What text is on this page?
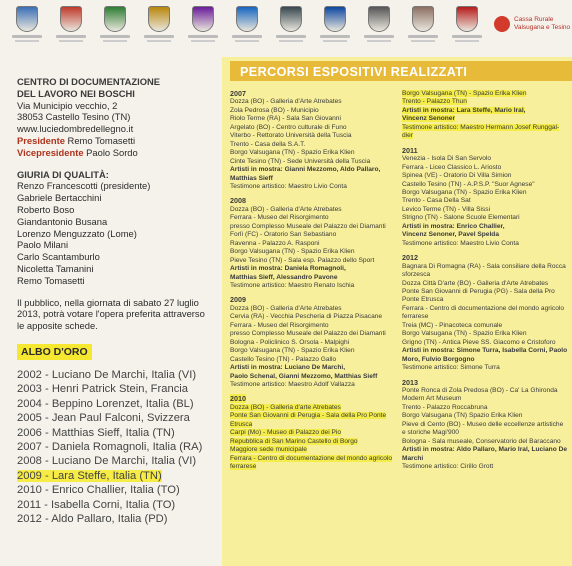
Cassa Rurale
Valsugana e Tesino

CENTRO DI DOCUMENTAZIONE

DEL LAVORO NEI BOSCHI

Via Municipio vecchio, 2

38053 Castello Tesino (TN)

www.luciedombredellegno.it

Presidente Remo Tomasetti

Vicepresidente Paolo Sordo

GIURIA DI QUALITÀ:

Renzo Francescotti (presidente)

Gabriele Bertacchini

Roberto Boso

Giandantonio Busana

Lorenzo Menguzzato (Lome)

Paolo Milani

Carlo Scantamburlo

Nicoletta Tamanini

Remo Tomasetti

Il pubblico, nella giornata di sabato 27 luglio

2013, potrà votare l'opera preferita attraverso

le apposite schede.

ALBO D'ORO
2002 - Luciano De Marchi, Italia (VI)
2003 - Henri Patrick Stein, Francia
2004 - Beppino Lorenzet, Italia (BL)
2005 - Jean Paul Falconi, Svizzera
2006 - Matthias Sieff, Italia (TN)
2007 - Daniela Romagnoli, Italia (RA)
2008 - Luciano De Marchi, Italia (VI)
2009 - Lara Steffe, Italia (TN)
2010 - Enrico Challier, Italia (TO)
2011 - Isabella Corni, Italia (TO)
2012 - Aldo Pallaro, Italia (PD)
PERCORSI ESPOSITIVI REALIZZATI
2007
Dozza (BO) - Galleria d'Arte Atrebates
Zola Pedrosa (BO) - Municipio
Riolo Terme (RA) - Sala San Giovanni
Argelato (BO) - Centro culturale di Funo
Viterbo - Rettorato Università della Tuscia
Trento - Casa della S.A.T.
Borgo Valsugana (TN) - Spazio Erika Klien
Cinte Tesino (TN) - Sede Università della Tuscia
Artisti in mostra: Gianni Mezzomo, Aldo Pallaro,
Matthias Sieff
Testimone artistico: Maestro Livio Conta
2008
Dozza (BO) - Galleria d'Arte Atrebates
Ferrara - Museo del Risorgimento
presso Complesso Museale del Palazzo dei Diamanti
Forlì (FC) - Oratorio San Sebastiano
Ravenna - Palazzo A. Rasponi
Borgo Valsugana (TN) - Spazio Erika Klien
Pieve Tesino (TN) - Sala esp. Palazzo dello Sport
Artisti in mostra: Daniela Romagnoli,
Matthias Sieff, Alessandro Pavone
Testimone artistico: Maestro Renato Ischia
2009
Dozza (BO) - Galleria d'Arte Atrebates
Cervia (RA) - Vecchia Pescheria di Piazza Pisacane
Ferrara - Museo del Risorgimento
presso Complesso Museale del Palazzo dei Diamanti
Bologna - Policlinico S. Orsola - Malpighi
Borgo Valsugana (TN) - Spazio Erika Klien
Castello Tesino (TN) - Palazzo Gallo
Artisti in mostra: Luciano De Marchi,
Paolo Schenal, Gianni Mezzomo, Matthias Sieff
Testimone artistico: Maestro Adolf Vallazza
2010
Dozza (BO) - Galleria d'arte Atrebates
Ponte San Giovanni di Perugia - Sala della Pro Ponte
Etrusca
Carpi (Mo) - Museo di Palazzo dei Pio
Repubblica di San Marino Castello di Borgo
Maggiore sede municipale
Ferrara - Centro di documentazione del mondo agricolo
ferrarese
Borgo Valsugana (TN) - Spazio Erika Klien
Trento - Palazzo Thun
Artisti in mostra: Lara Steffe, Mario Iral,
Vincenz Senoner
Testimone artistico: Maestro Hermann Josef Runggal-
dier
2011
Venezia - Isola Di San Servolo
Ferrara - Liceo Classico L. Ariosto
Spinea (VE) - Oratorio Di Villa Simion
Castello Tesino (TN) - A.P.S.P. "Suor Agnese"
Borgo Valsugana (TN) - Spazio Erika Klien
Trento - Casa Della Sat
Levico Terme (TN) - Villa Sissi
Strigno (TN) - Salone Scuole Elementari
Artisti in mostra: Enrico Challier,
Vincenz Senoner, Pavel Spelda
Testimone artistico: Maestro Livio Conta
2012
Bagnara Di Romagna (RA) - Sala consiliare della Rocca
sforzesca
Dozza Città D'arte (BO) - Galleria d'Arte Atrebates
Ponte San Giovanni di Perugia (PG) - Sala della Pro
Ponte Etrusca
Ferrara - Centro di documentazione del mondo agricolo
ferrarese
Treia (MC) - Pinacoteca comunale
Borgo Valsugana (TN) - Spazio Erika Klien
Grigno (TN) - Antica Pieve SS. Giacomo e Cristoforo
Artisti in mostra: Simone Turra, Isabella Corni, Paolo
Moro, Fulvio Borgogno
Testimone artistico: Simone Turra
2013
Ponte Ronca di Zola Predosa (BO) - Ca' La Ghironda
Modern Art Museum
Trento - Palazzo Roccabruna
Borgo Valsugana (TN) Spazio Erika Klien
Pieve di Cento (BO) - Museo delle eccellenze artistiche
e storiche Magi'900
Bologna - Sala museale, Conservatorio del Baraccano
Artisti in mostra: Aldo Pallaro, Mario Iral, Luciano De
Marchi
Testimone artistico: Cirillo Grott
